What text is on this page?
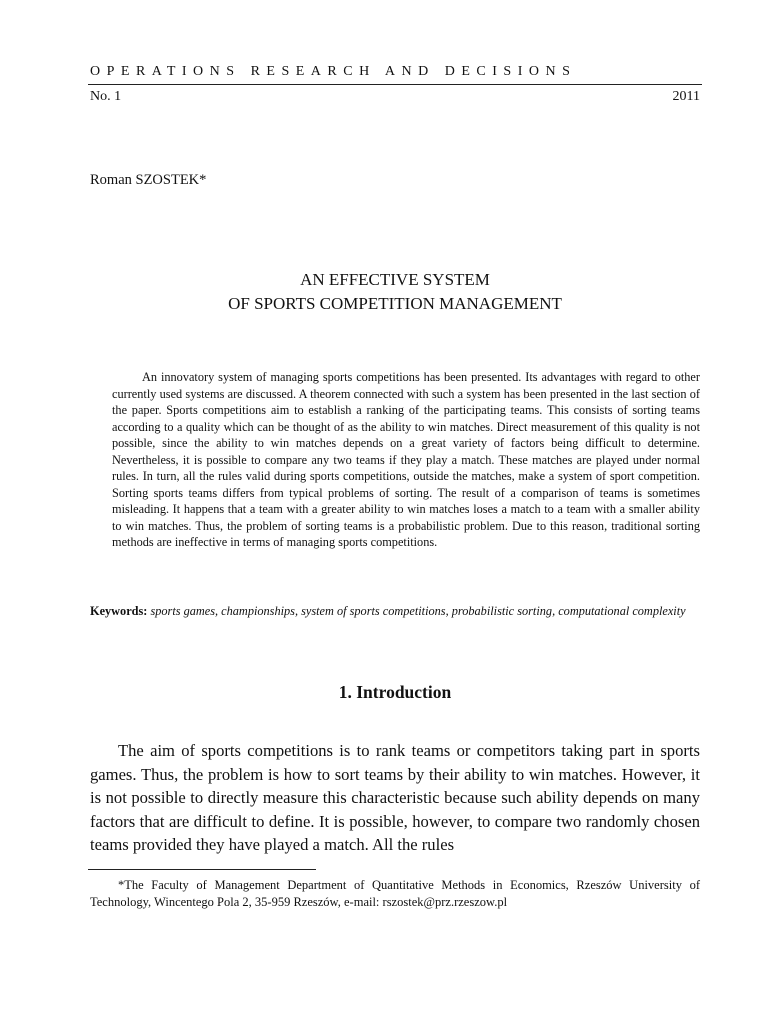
OPERATIONS RESEARCH AND DECISIONS
No. 1	2011
Roman SZOSTEK*
AN EFFECTIVE SYSTEM
OF SPORTS COMPETITION MANAGEMENT

An innovatory system of managing sports competitions has been presented. Its advantages with regard to other currently used systems are discussed. A theorem connected with such a system has been presented in the last section of the paper. Sports competitions aim to establish a ranking of the participating teams. This consists of sorting teams according to a quality which can be thought of as the ability to win matches. Direct measurement of this quality is not possible, since the ability to win matches depends on a great variety of factors being difficult to determine. Nevertheless, it is possible to compare any two teams if they play a match. These matches are played under normal rules. In turn, all the rules valid during sports competitions, outside the matches, make a system of sport competition. Sorting sports teams differs from typical problems of sorting. The result of a comparison of teams is sometimes misleading. It happens that a team with a greater ability to win matches loses a match to a team with a smaller ability to win matches. Thus, the problem of sorting teams is a probabilistic problem. Due to this reason, traditional sorting methods are ineffective in terms of managing sports competitions.

Keywords: sports games, championships, system of sports competitions, probabilistic sorting, computational complexity

1. Introduction

The aim of sports competitions is to rank teams or competitors taking part in sports games. Thus, the problem is how to sort teams by their ability to win matches. However, it is not possible to directly measure this characteristic because such ability depends on many factors that are difficult to define. It is possible, however, to compare two randomly chosen teams provided they have played a match. All the rules

*The Faculty of Management Department of Quantitative Methods in Economics, Rzeszów University of Technology, Wincentego Pola 2, 35-959 Rzeszów, e-mail: rszostek@prz.rzeszow.pl
